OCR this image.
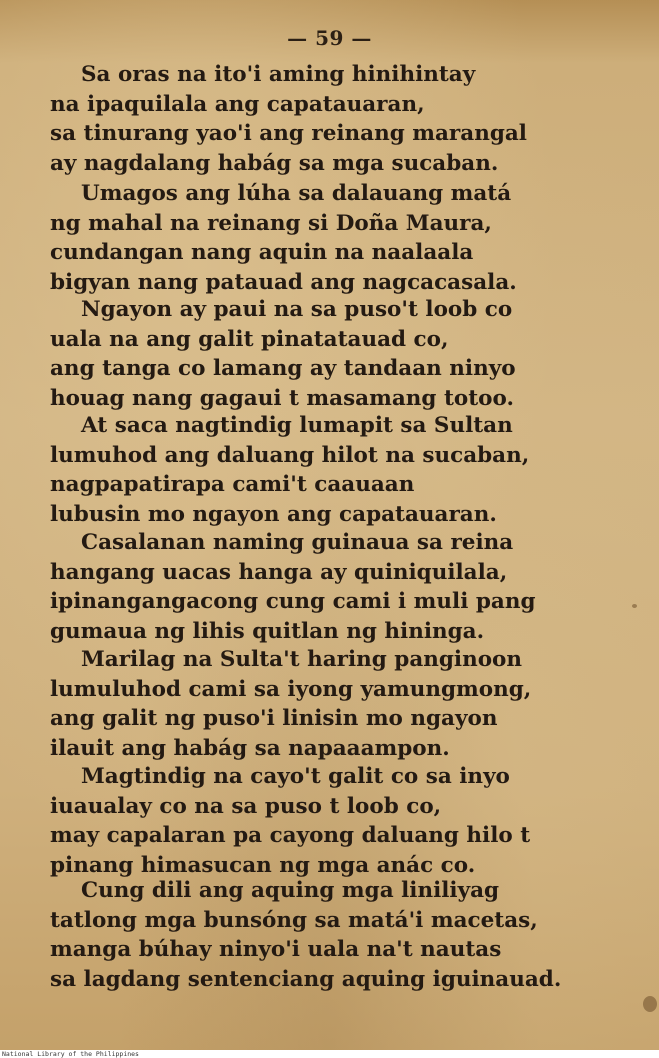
— 59 —
Sa oras na ito'i aming hinihintay
na ipaquilala ang capatauaran,
sa tinurang yao'i ang reinang marangal
ay nagdalang habág sa mga sucaban.
Umagos ang lúha sa dalauang matá
ng mahal na reinang si Doña Maura,
cundangan nang aquin na naalaala
bigyan nang patauad ang nagcacasala.
Ngayon ay paui na sa puso't loob co
uala na ang galit pinatatauad co,
ang tanga co lamang ay tandaan ninyo
houag nang gagaui t masamang totoo.
At saca nagtindig lumapit sa Sultan
lumuhod ang daluang hilot na sucaban,
nagpapatirapa cami't caauaan
lubusin mo ngayon ang capatauaran.
Casalanan naming guinaua sa reina
hangang uacas hanga ay quiniquilala,
ipinangangacong cung cami i muli pang
gumaua ng lihis quitlan ng hininga.
Marilag na Sulta't haring panginoon
lumuluhod cami sa iyong yamungmong,
ang galit ng puso'i linisin mo ngayon
ilauit ang habág sa napaaampon.
Magtindig na cayo't galit co sa inyo
iuaualay co na sa puso t loob co,
may capalaran pa cayong daluang hilo t
pinang himasucan ng mga anác co.
Cung dili ang aquing mga liniliyag
tatlong mga bunsóng sa matá'i macetas,
manga búhay ninyo'i uala na't nautas
sa lagdang sentenciang aquing iguinauad.
National Library of the Philippines
